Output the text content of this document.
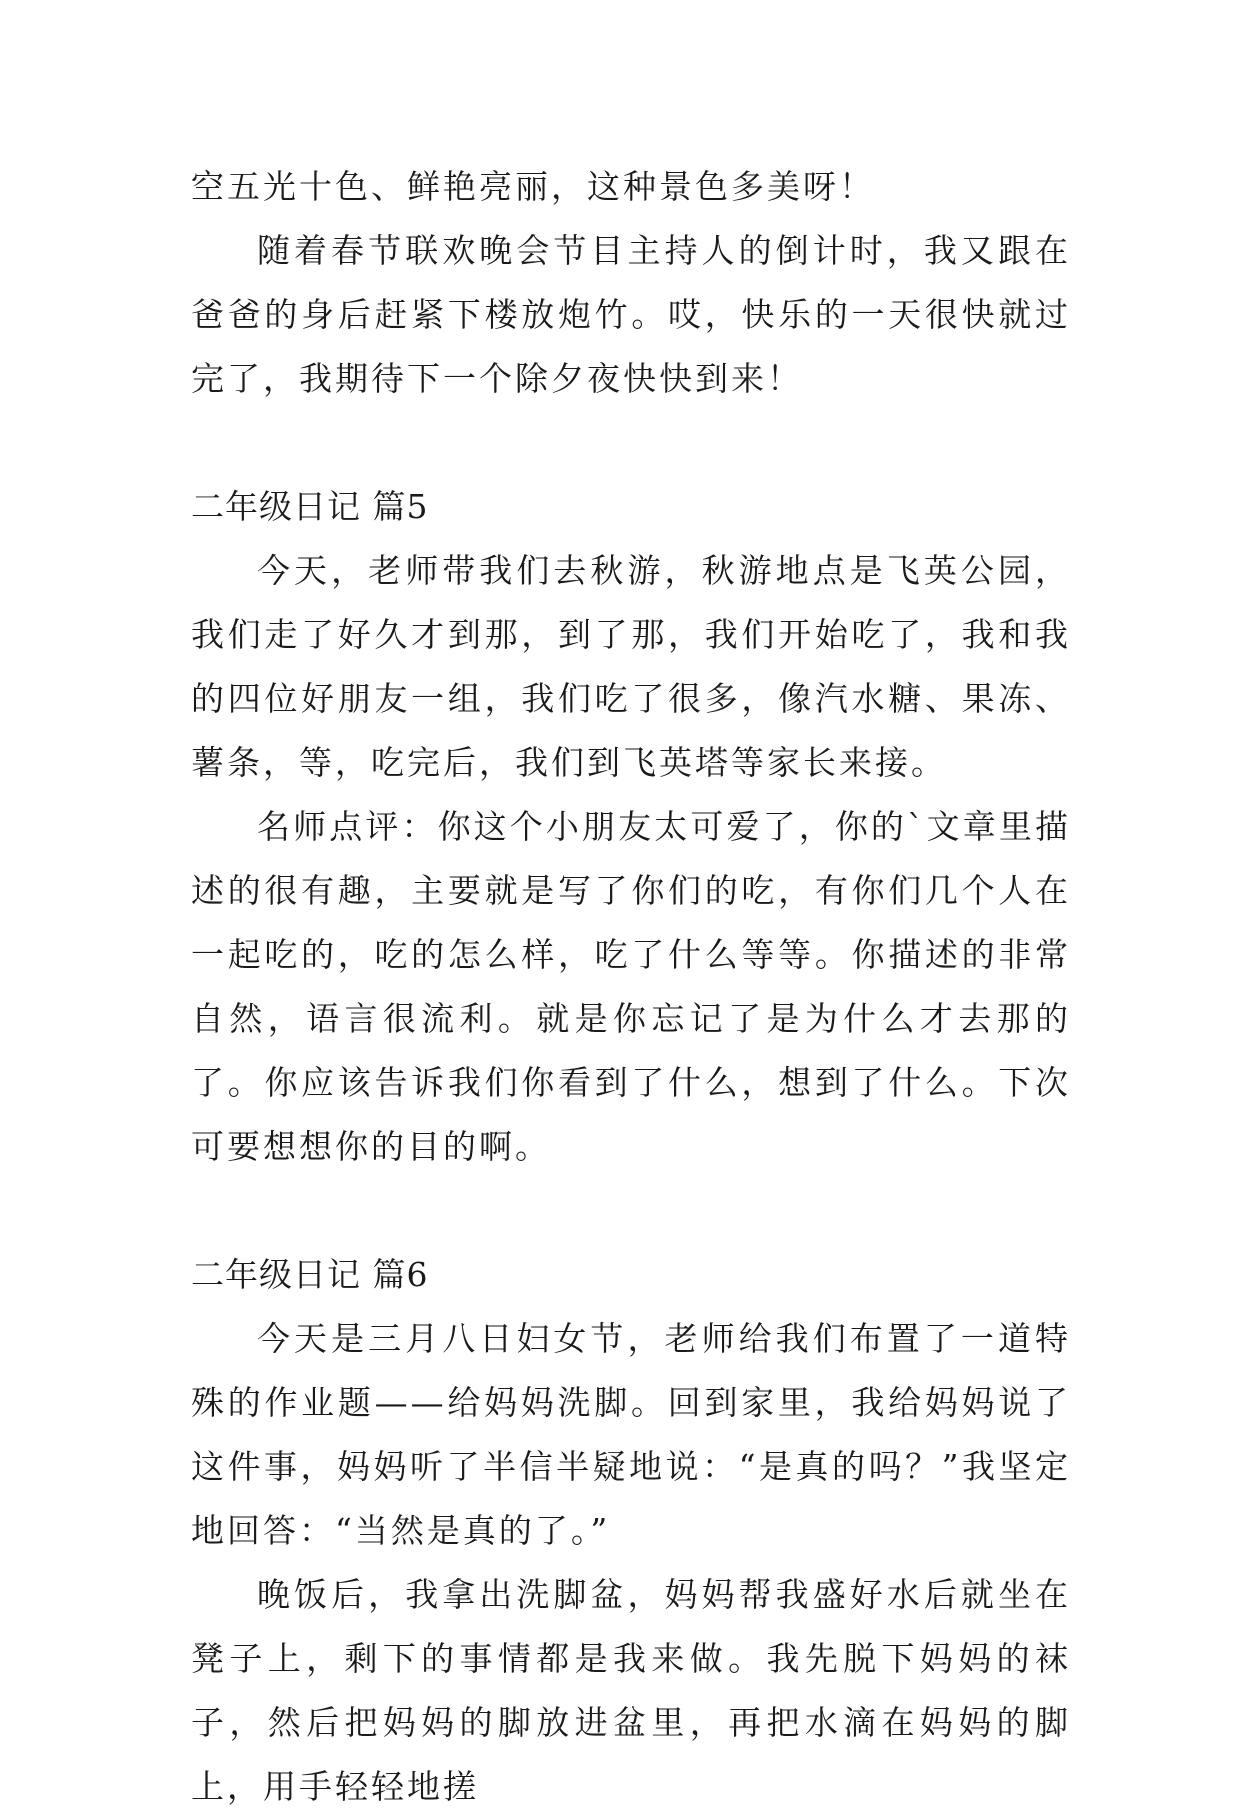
空五光十色、鲜艳亮丽，这种景色多美呀！

随着春节联欢晚会节目主持人的倒计时，我又跟在爸爸的身后赶紧下楼放炮竹。哎，快乐的一天很快就过完了，我期待下一个除夕夜快快到来！

二年级日记 篇5

今天，老师带我们去秋游，秋游地点是飞英公园，我们走了好久才到那，到了那，我们开始吃了，我和我的四位好朋友一组，我们吃了很多，像汽水糖、果冻、薯条，等，吃完后，我们到飞英塔等家长来接。

名师点评：你这个小朋友太可爱了，你的`文章里描述的很有趣，主要就是写了你们的吃，有你们几个人在一起吃的，吃的怎么样，吃了什么等等。你描述的非常自然，语言很流利。就是你忘记了是为什么才去那的了。你应该告诉我们你看到了什么，想到了什么。下次可要想想你的目的啊。

二年级日记 篇6

今天是三月八日妇女节，老师给我们布置了一道特殊的作业题——给妈妈洗脚。回到家里，我给妈妈说了这件事，妈妈听了半信半疑地说：“是真的吗？”我坚定地回答：“当然是真的了。”

晚饭后，我拿出洗脚盆，妈妈帮我盛好水后就坐在凳子上，剩下的事情都是我来做。我先脱下妈妈的袜子，然后把妈妈的脚放进盆里，再把水滴在妈妈的脚上，用手轻轻地搓
